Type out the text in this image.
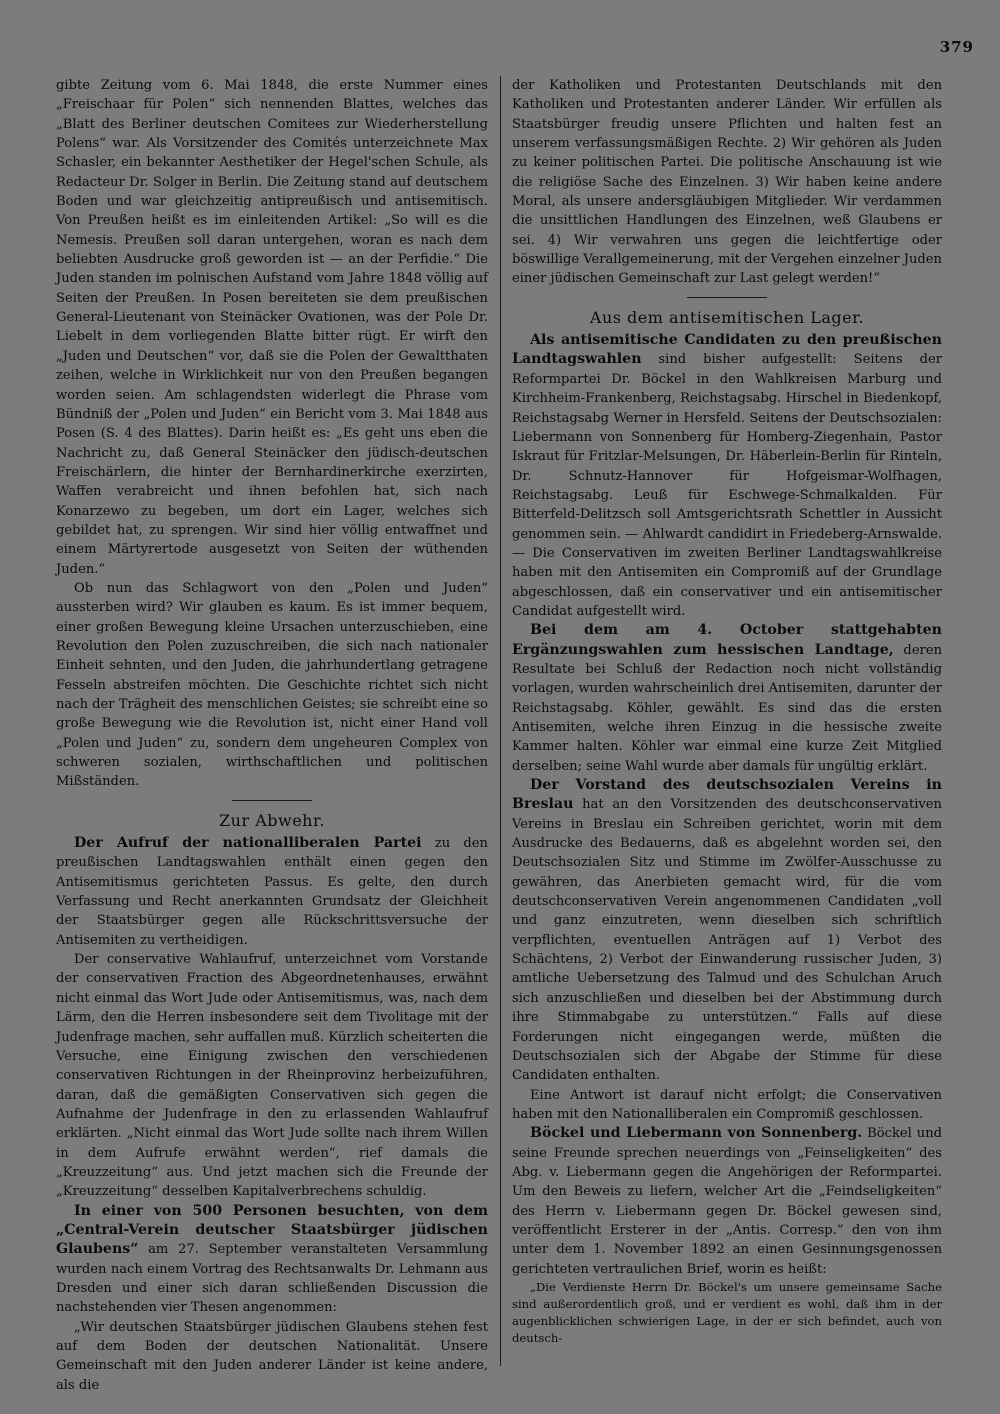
379

gibte Zeitung vom 6. Mai 1848, die erste Nummer eines „Freischaar für Polen“ sich nennenden Blattes, welches das „Blatt des Berliner deutschen Comitees zur Wiederherstellung Polens“ war. Als Vorsitzender des Comités unterzeichnete Max Schasler, ein bekannter Aesthetiker der Hegel'schen Schule, als Redacteur Dr. Solger in Berlin. Die Zeitung stand auf deutschem Boden und war gleichzeitig antipreußisch und antisemitisch. Von Preußen heißt es im einleitenden Artikel: „So will es die Nemesis. Preußen soll daran untergehen, woran es nach dem beliebten Ausdrucke groß geworden ist — an der Perfidie.“ Die Juden standen im polnischen Aufstand vom Jahre 1848 völlig auf Seiten der Preußen. In Posen bereiteten sie dem preußischen General-Lieutenant von Steinäcker Ovationen, was der Pole Dr. Liebelt in dem vorliegenden Blatte bitter rügt. Er wirft den „Juden und Deutschen“ vor, daß sie die Polen der Gewaltthaten zeihen, welche in Wirklichkeit nur von den Preußen begangen worden seien. Am schlagendsten widerlegt die Phrase vom Bündniß der „Polen und Juden“ ein Bericht vom 3. Mai 1848 aus Posen (S. 4 des Blattes). Darin heißt es: „Es geht uns eben die Nachricht zu, daß General Steinäcker den jüdisch-deutschen Freischärlern, die hinter der Bernhardinerkirche exerzirten, Waffen verabreicht und ihnen befohlen hat, sich nach Konarzewo zu begeben, um dort ein Lager, welches sich gebildet hat, zu sprengen. Wir sind hier völlig entwaffnet und einem Märtyrertode ausgesetzt von Seiten der wüthenden Juden.“

Ob nun das Schlagwort von den „Polen und Juden“ aussterben wird? Wir glauben es kaum. Es ist immer bequem, einer großen Bewegung kleine Ursachen unterzuschieben, eine Revolution den Polen zuzuschreiben, die sich nach nationaler Einheit sehnten, und den Juden, die jahrhundertlang getragene Fesseln abstreifen möchten. Die Geschichte richtet sich nicht nach der Trägheit des menschlichen Geistes; sie schreibt eine so große Bewegung wie die Revolution ist, nicht einer Hand voll „Polen und Juden“ zu, sondern dem ungeheuren Complex von schweren sozialen, wirthschaftlichen und politischen Mißständen.

Zur Abwehr.

Der Aufruf der nationalliberalen Partei zu den preußischen Landtagswahlen enthält einen gegen den Antisemitismus gerichteten Passus. Es gelte, den durch Verfassung und Recht anerkannten Grundsatz der Gleichheit der Staatsbürger gegen alle Rückschrittsversuche der Antisemiten zu vertheidigen.

Der conservative Wahlaufruf, unterzeichnet vom Vorstande der conservativen Fraction des Abgeordnetenhauses, erwähnt nicht einmal das Wort Jude oder Antisemitismus, was, nach dem Lärm, den die Herren insbesondere seit dem Tivolitage mit der Judenfrage machen, sehr auffallen muß. Kürzlich scheiterten die Versuche, eine Einigung zwischen den verschiedenen conservativen Richtungen in der Rheinprovinz herbeizuführen, daran, daß die gemäßigten Conservativen sich gegen die Aufnahme der Judenfrage in den zu erlassenden Wahlaufruf erklärten. „Nicht einmal das Wort Jude sollte nach ihrem Willen in dem Aufrufe erwähnt werden“, rief damals die „Kreuzzeitung“ aus. Und jetzt machen sich die Freunde der „Kreuzzeitung“ desselben Kapitalverbrechens schuldig.

In einer von 500 Personen besuchten, von dem „Central-Verein deutscher Staatsbürger jüdischen Glaubens“ am 27. September veranstalteten Versammlung wurden nach einem Vortrag des Rechtsanwalts Dr. Lehmann aus Dresden und einer sich daran schließenden Discussion die nachstehenden vier Thesen angenommen:

„Wir deutschen Staatsbürger jüdischen Glaubens stehen fest auf dem Boden der deutschen Nationalität. Unsere Gemeinschaft mit den Juden anderer Länder ist keine andere, als die

der Katholiken und Protestanten Deutschlands mit den Katholiken und Protestanten anderer Länder. Wir erfüllen als Staatsbürger freudig unsere Pflichten und halten fest an unserem verfassungsmäßigen Rechte. 2) Wir gehören als Juden zu keiner politischen Partei. Die politische Anschauung ist wie die religiöse Sache des Einzelnen. 3) Wir haben keine andere Moral, als unsere andersgläubigen Mitglieder. Wir verdammen die unsittlichen Handlungen des Einzelnen, weß Glaubens er sei. 4) Wir verwahren uns gegen die leichtfertige oder böswillige Verallgemeinerung, mit der Vergehen einzelner Juden einer jüdischen Gemeinschaft zur Last gelegt werden!“

Aus dem antisemitischen Lager.

Als antisemitische Candidaten zu den preußischen Landtagswahlen sind bisher aufgestellt: Seitens der Reformpartei Dr. Böckel in den Wahlkreisen Marburg und Kirchheim-Frankenberg, Reichstagsabg. Hirschel in Biedenkopf, Reichstagsabg Werner in Hersfeld. Seitens der Deutschsozialen: Liebermann von Sonnenberg für Homberg-Ziegenhain, Pastor Iskraut für Fritzlar-Melsungen, Dr. Häberlein-Berlin für Rinteln, Dr. Schnutz-Hannover für Hofgeismar-Wolfhagen, Reichstagsabg. Leuß für Eschwege-Schmalkalden. Für Bitterfeld-Delitzsch soll Amtsgerichtsrath Schettler in Aussicht genommen sein. — Ahlwardt candidirt in Friedeberg-Arnswalde. — Die Conservativen im zweiten Berliner Landtagswahlkreise haben mit den Antisemiten ein Compromiß auf der Grundlage abgeschlossen, daß ein conservativer und ein antisemitischer Candidat aufgestellt wird.

Bei dem am 4. October stattgehabten Ergänzungswahlen zum hessischen Landtage, deren Resultate bei Schluß der Redaction noch nicht vollständig vorlagen, wurden wahrscheinlich drei Antisemiten, darunter der Reichstagsabg. Köhler, gewählt. Es sind das die ersten Antisemiten, welche ihren Einzug in die hessische zweite Kammer halten. Köhler war einmal eine kurze Zeit Mitglied derselben; seine Wahl wurde aber damals für ungültig erklärt.

Der Vorstand des deutschsozialen Vereins in Breslau hat an den Vorsitzenden des deutschconservativen Vereins in Breslau ein Schreiben gerichtet, worin mit dem Ausdrucke des Bedauerns, daß es abgelehnt worden sei, den Deutschsozialen Sitz und Stimme im Zwölfer-Ausschusse zu gewähren, das Anerbieten gemacht wird, für die vom deutschconservativen Verein angenommenen Candidaten „voll und ganz einzutreten, wenn dieselben sich schriftlich verpflichten, eventuellen Anträgen auf 1) Verbot des Schächtens, 2) Verbot der Einwanderung russischer Juden, 3) amtliche Uebersetzung des Talmud und des Schulchan Aruch sich anzuschließen und dieselben bei der Abstimmung durch ihre Stimmabgabe zu unterstützen.“ Falls auf diese Forderungen nicht eingegangen werde, müßten die Deutschsozialen sich der Abgabe der Stimme für diese Candidaten enthalten.

Eine Antwort ist darauf nicht erfolgt; die Conservativen haben mit den Nationalliberalen ein Compromiß geschlossen.

Böckel und Liebermann von Sonnenberg. Böckel und seine Freunde sprechen neuerdings von „Feinseligkeiten“ des Abg. v. Liebermann gegen die Angehörigen der Reformpartei. Um den Beweis zu liefern, welcher Art die „Feindseligkeiten“ des Herrn v. Liebermann gegen Dr. Böckel gewesen sind, veröffentlicht Ersterer in der „Antis. Corresp.“ den von ihm unter dem 1. November 1892 an einen Gesinnungsgenossen gerichteten vertraulichen Brief, worin es heißt:

„Die Verdienste Herrn Dr. Böckel's um unsere gemeinsame Sache sind außerordentlich groß, und er verdient es wohl, daß ihm in der augenblicklichen schwierigen Lage, in der er sich befindet, auch von deutsch-
